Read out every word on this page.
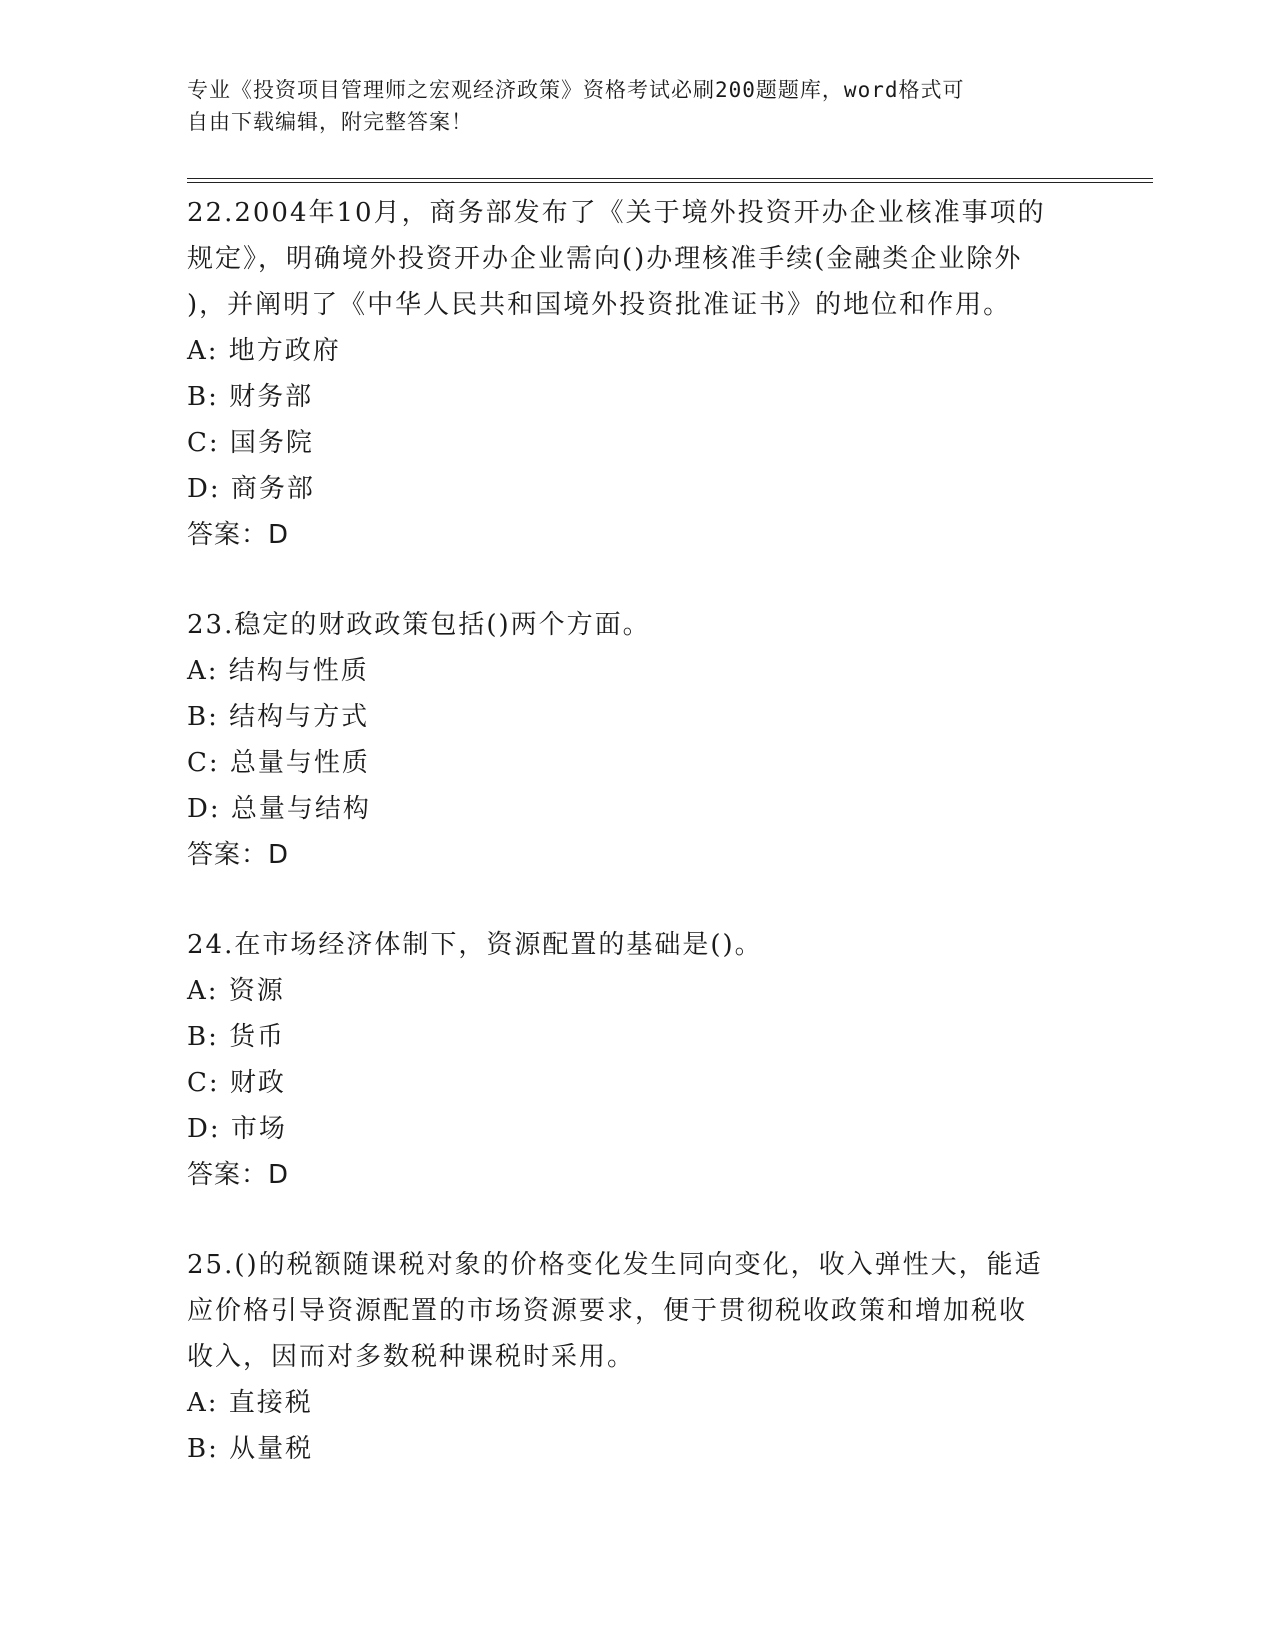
专业《投资项目管理师之宏观经济政策》资格考试必刷200题题库，word格式可
自由下载编辑，附完整答案！
22.2004年10月，商务部发布了《关于境外投资开办企业核准事项的
规定》，明确境外投资开办企业需向()办理核准手续(金融类企业除外
)，并阐明了《中华人民共和国境外投资批准证书》的地位和作用。
A: 地方政府
B: 财务部
C: 国务院
D: 商务部
答案：D
23.稳定的财政政策包括()两个方面。
A: 结构与性质
B: 结构与方式
C: 总量与性质
D: 总量与结构
答案：D
24.在市场经济体制下，资源配置的基础是()。
A: 资源
B: 货币
C: 财政
D: 市场
答案：D
25.()的税额随课税对象的价格变化发生同向变化，收入弹性大，能适
应价格引导资源配置的市场资源要求，便于贯彻税收政策和增加税收
收入，因而对多数税种课税时采用。
A: 直接税
B: 从量税
